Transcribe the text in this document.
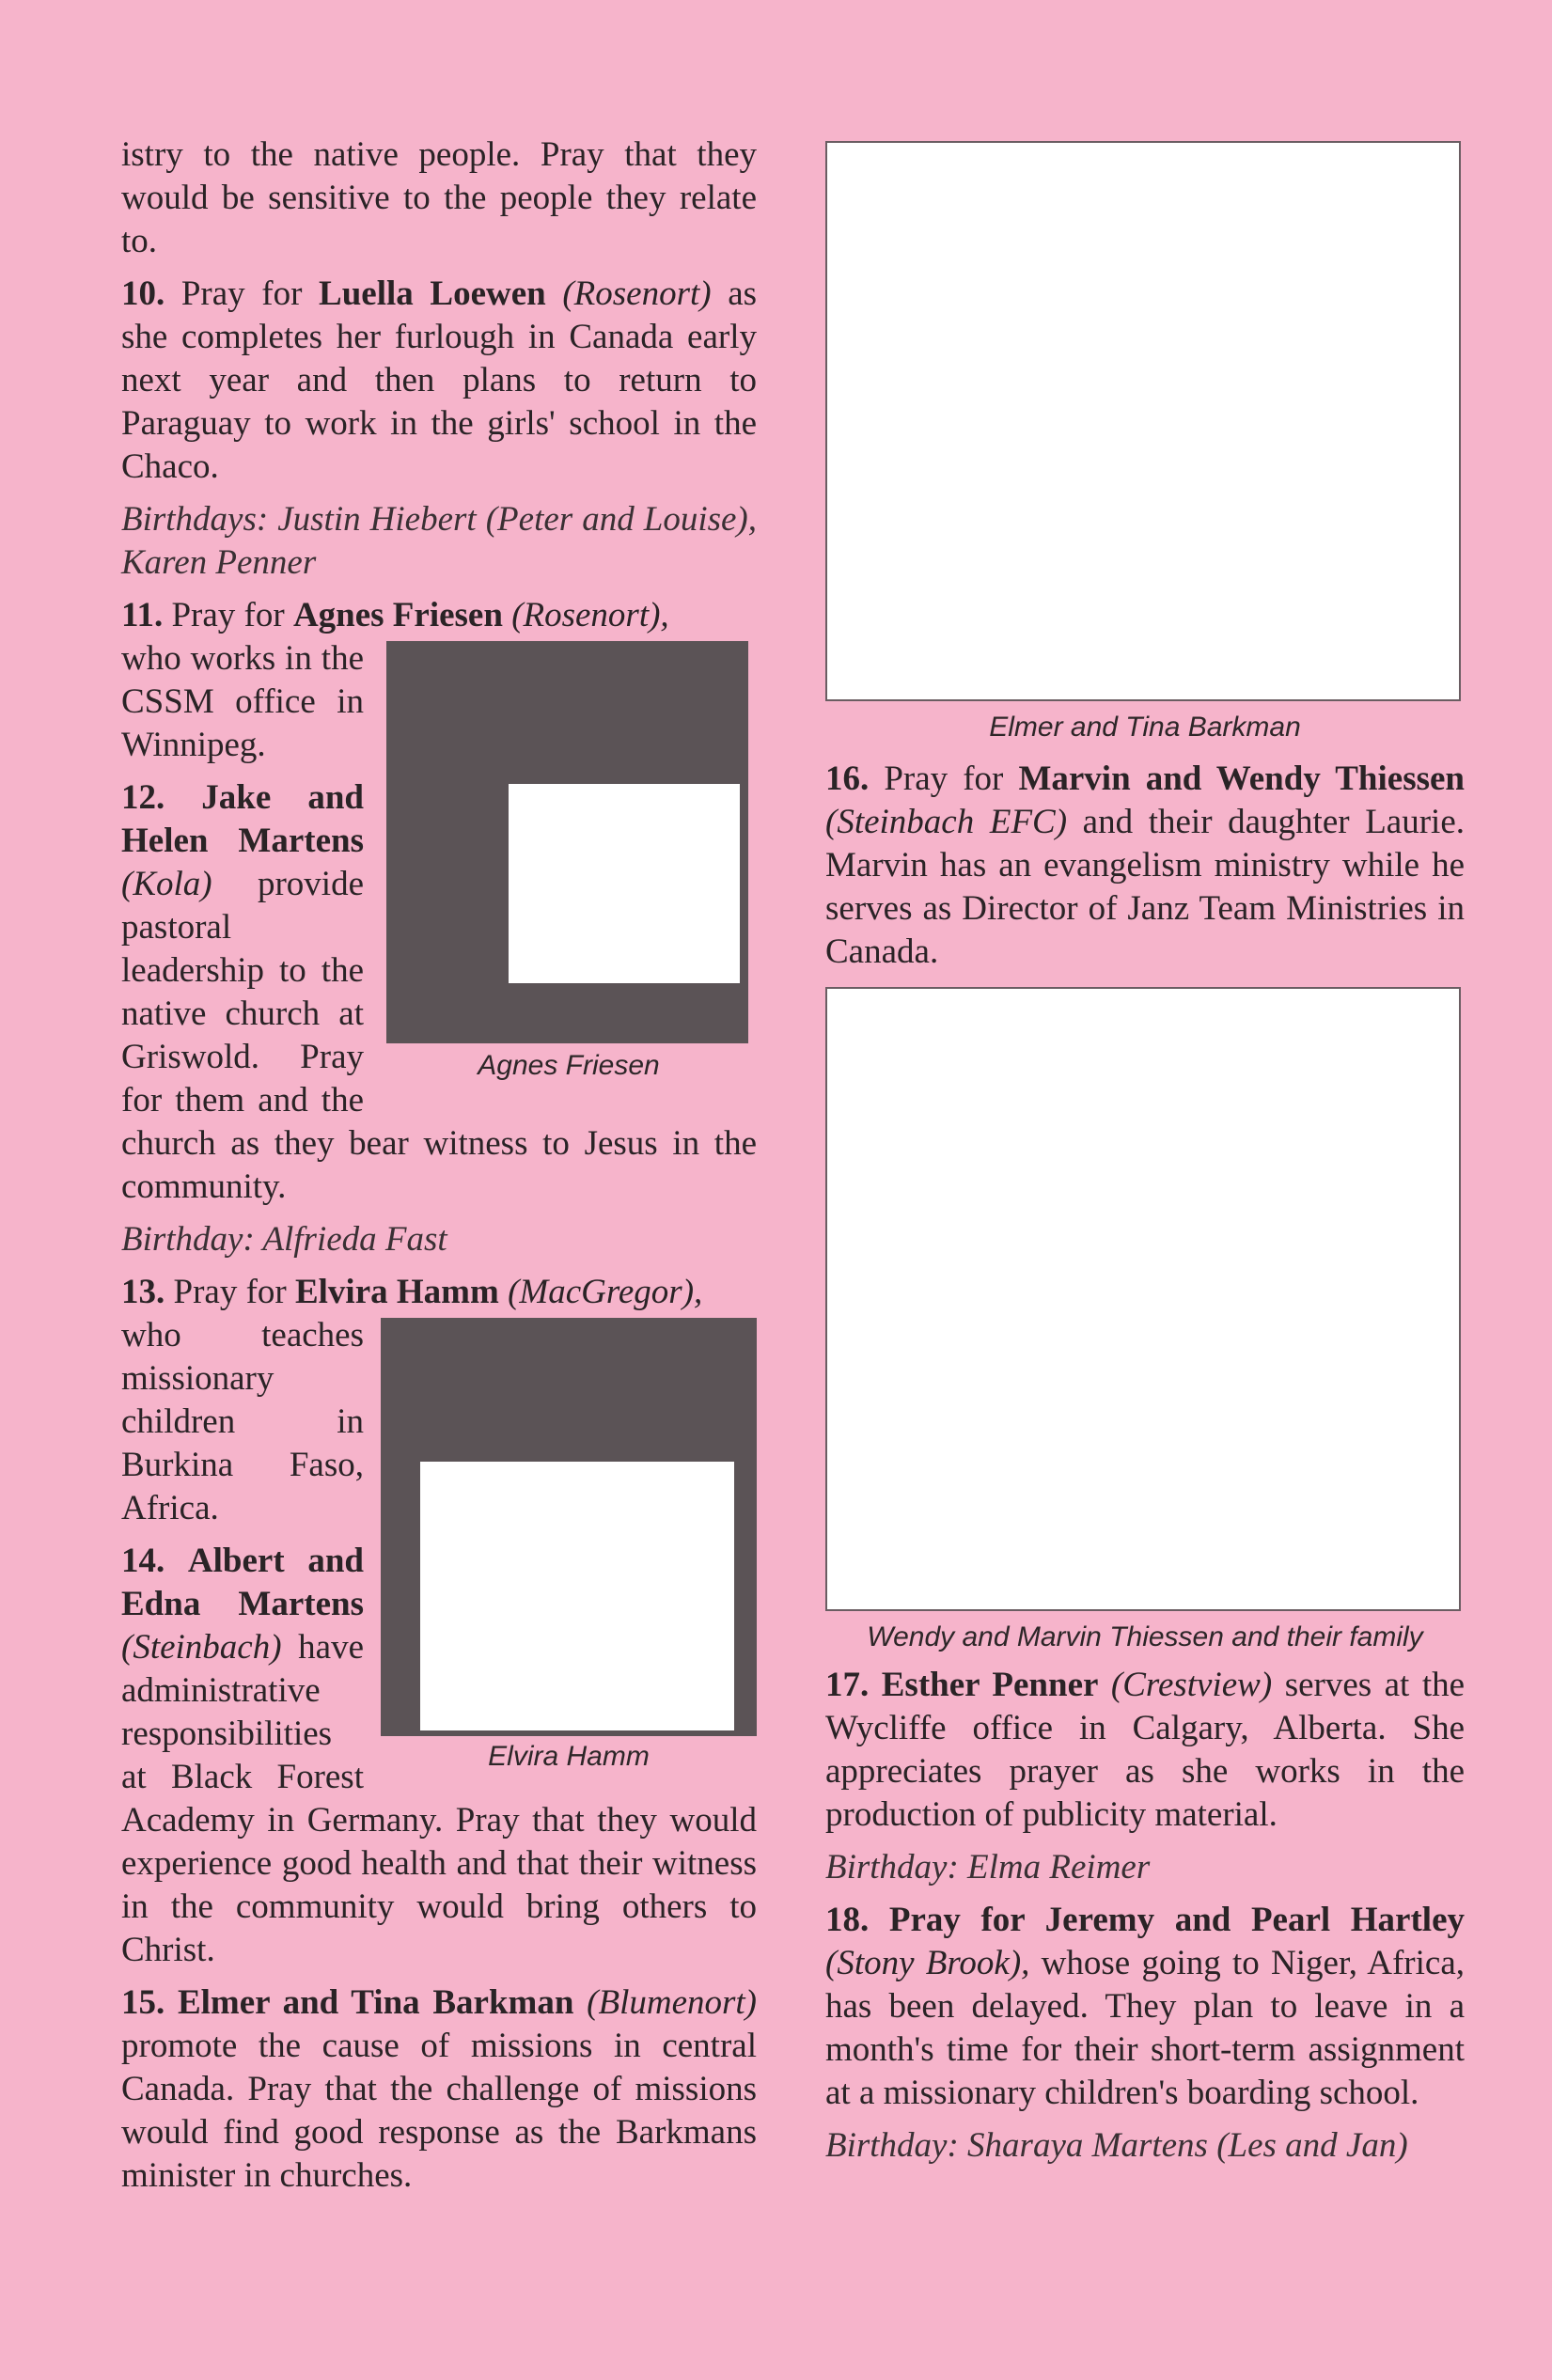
istry to the native people. Pray that they would be sensitive to the people they relate to.

10. Pray for Luella Loewen (Rosenort) as she completes her furlough in Canada early next year and then plans to return to Paraguay to work in the girls' school in the Chaco.

Birthdays: Justin Hiebert (Peter and Louise), Karen Penner

11. Pray for Agnes Friesen (Rosenort),

Agnes Friesen

who works in the CSSM office in Winnipeg.

12. Jake and Helen Martens (Kola) provide pastoral leadership to the native church at Griswold. Pray for them and the church as they bear witness to Jesus in the community.

Birthday: Alfrieda Fast

13. Pray for Elvira Hamm (MacGregor),

Elvira Hamm

who teaches missionary children in Burkina Faso, Africa.

14. Albert and Edna Martens (Steinbach) have administrative responsibilities at Black Forest Academy in Germany. Pray that they would experience good health and that their witness in the community would bring others to Christ.

15. Elmer and Tina Barkman (Blumenort) promote the cause of missions in central Canada. Pray that the challenge of missions would find good response as the Barkmans minister in churches.

Elmer and Tina Barkman

16. Pray for Marvin and Wendy Thiessen (Steinbach EFC) and their daughter Laurie. Marvin has an evangelism ministry while he serves as Director of Janz Team Ministries in Canada.

Wendy and Marvin Thiessen and their family

17. Esther Penner (Crestview) serves at the Wycliffe office in Calgary, Alberta. She appreciates prayer as she works in the production of publicity material.

Birthday: Elma Reimer

18. Pray for Jeremy and Pearl Hartley (Stony Brook), whose going to Niger, Africa, has been delayed. They plan to leave in a month's time for their short-term assignment at a missionary children's boarding school.

Birthday: Sharaya Martens (Les and Jan)
